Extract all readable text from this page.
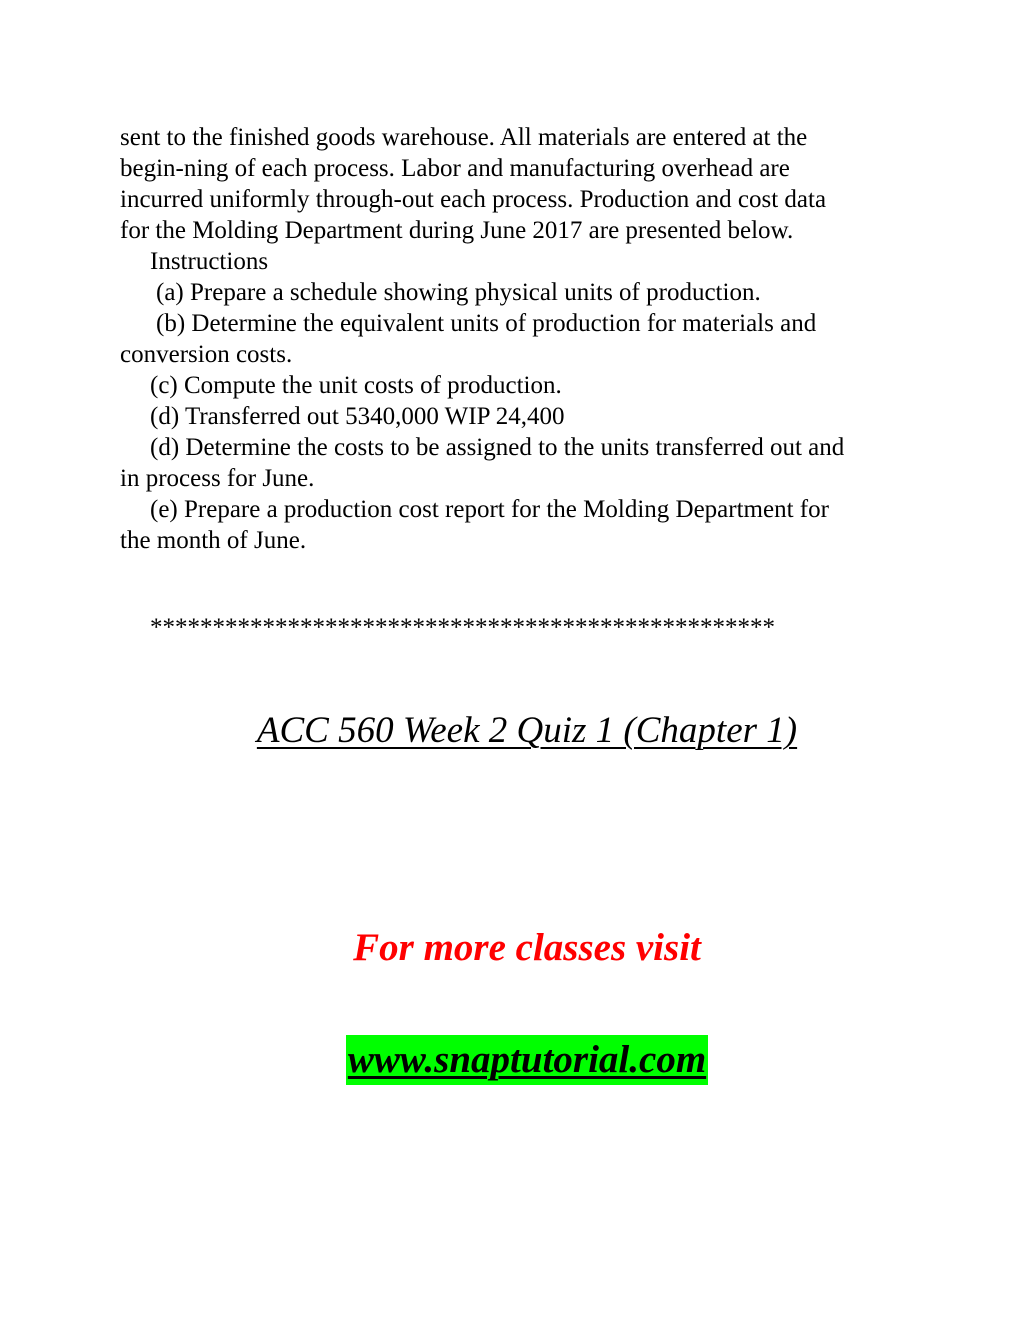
sent to the finished goods warehouse. All materials are entered at the
begin-ning of each process. Labor and manufacturing overhead are
incurred uniformly through-out each process. Production and cost data
for the Molding Department during June 2017 are presented below.
Instructions
(a) Prepare a schedule showing physical units of production.
(b) Determine the equivalent units of production for materials and
conversion costs.
(c) Compute the unit costs of production.
(d) Transferred out 5340,000 WIP 24,400
(d) Determine the costs to be assigned to the units transferred out and
in process for June.
(e) Prepare a production cost report for the Molding Department for
the month of June.
**************************************************
ACC 560 Week 2 Quiz 1 (Chapter 1)
For more classes visit
www.snaptutorial.com
